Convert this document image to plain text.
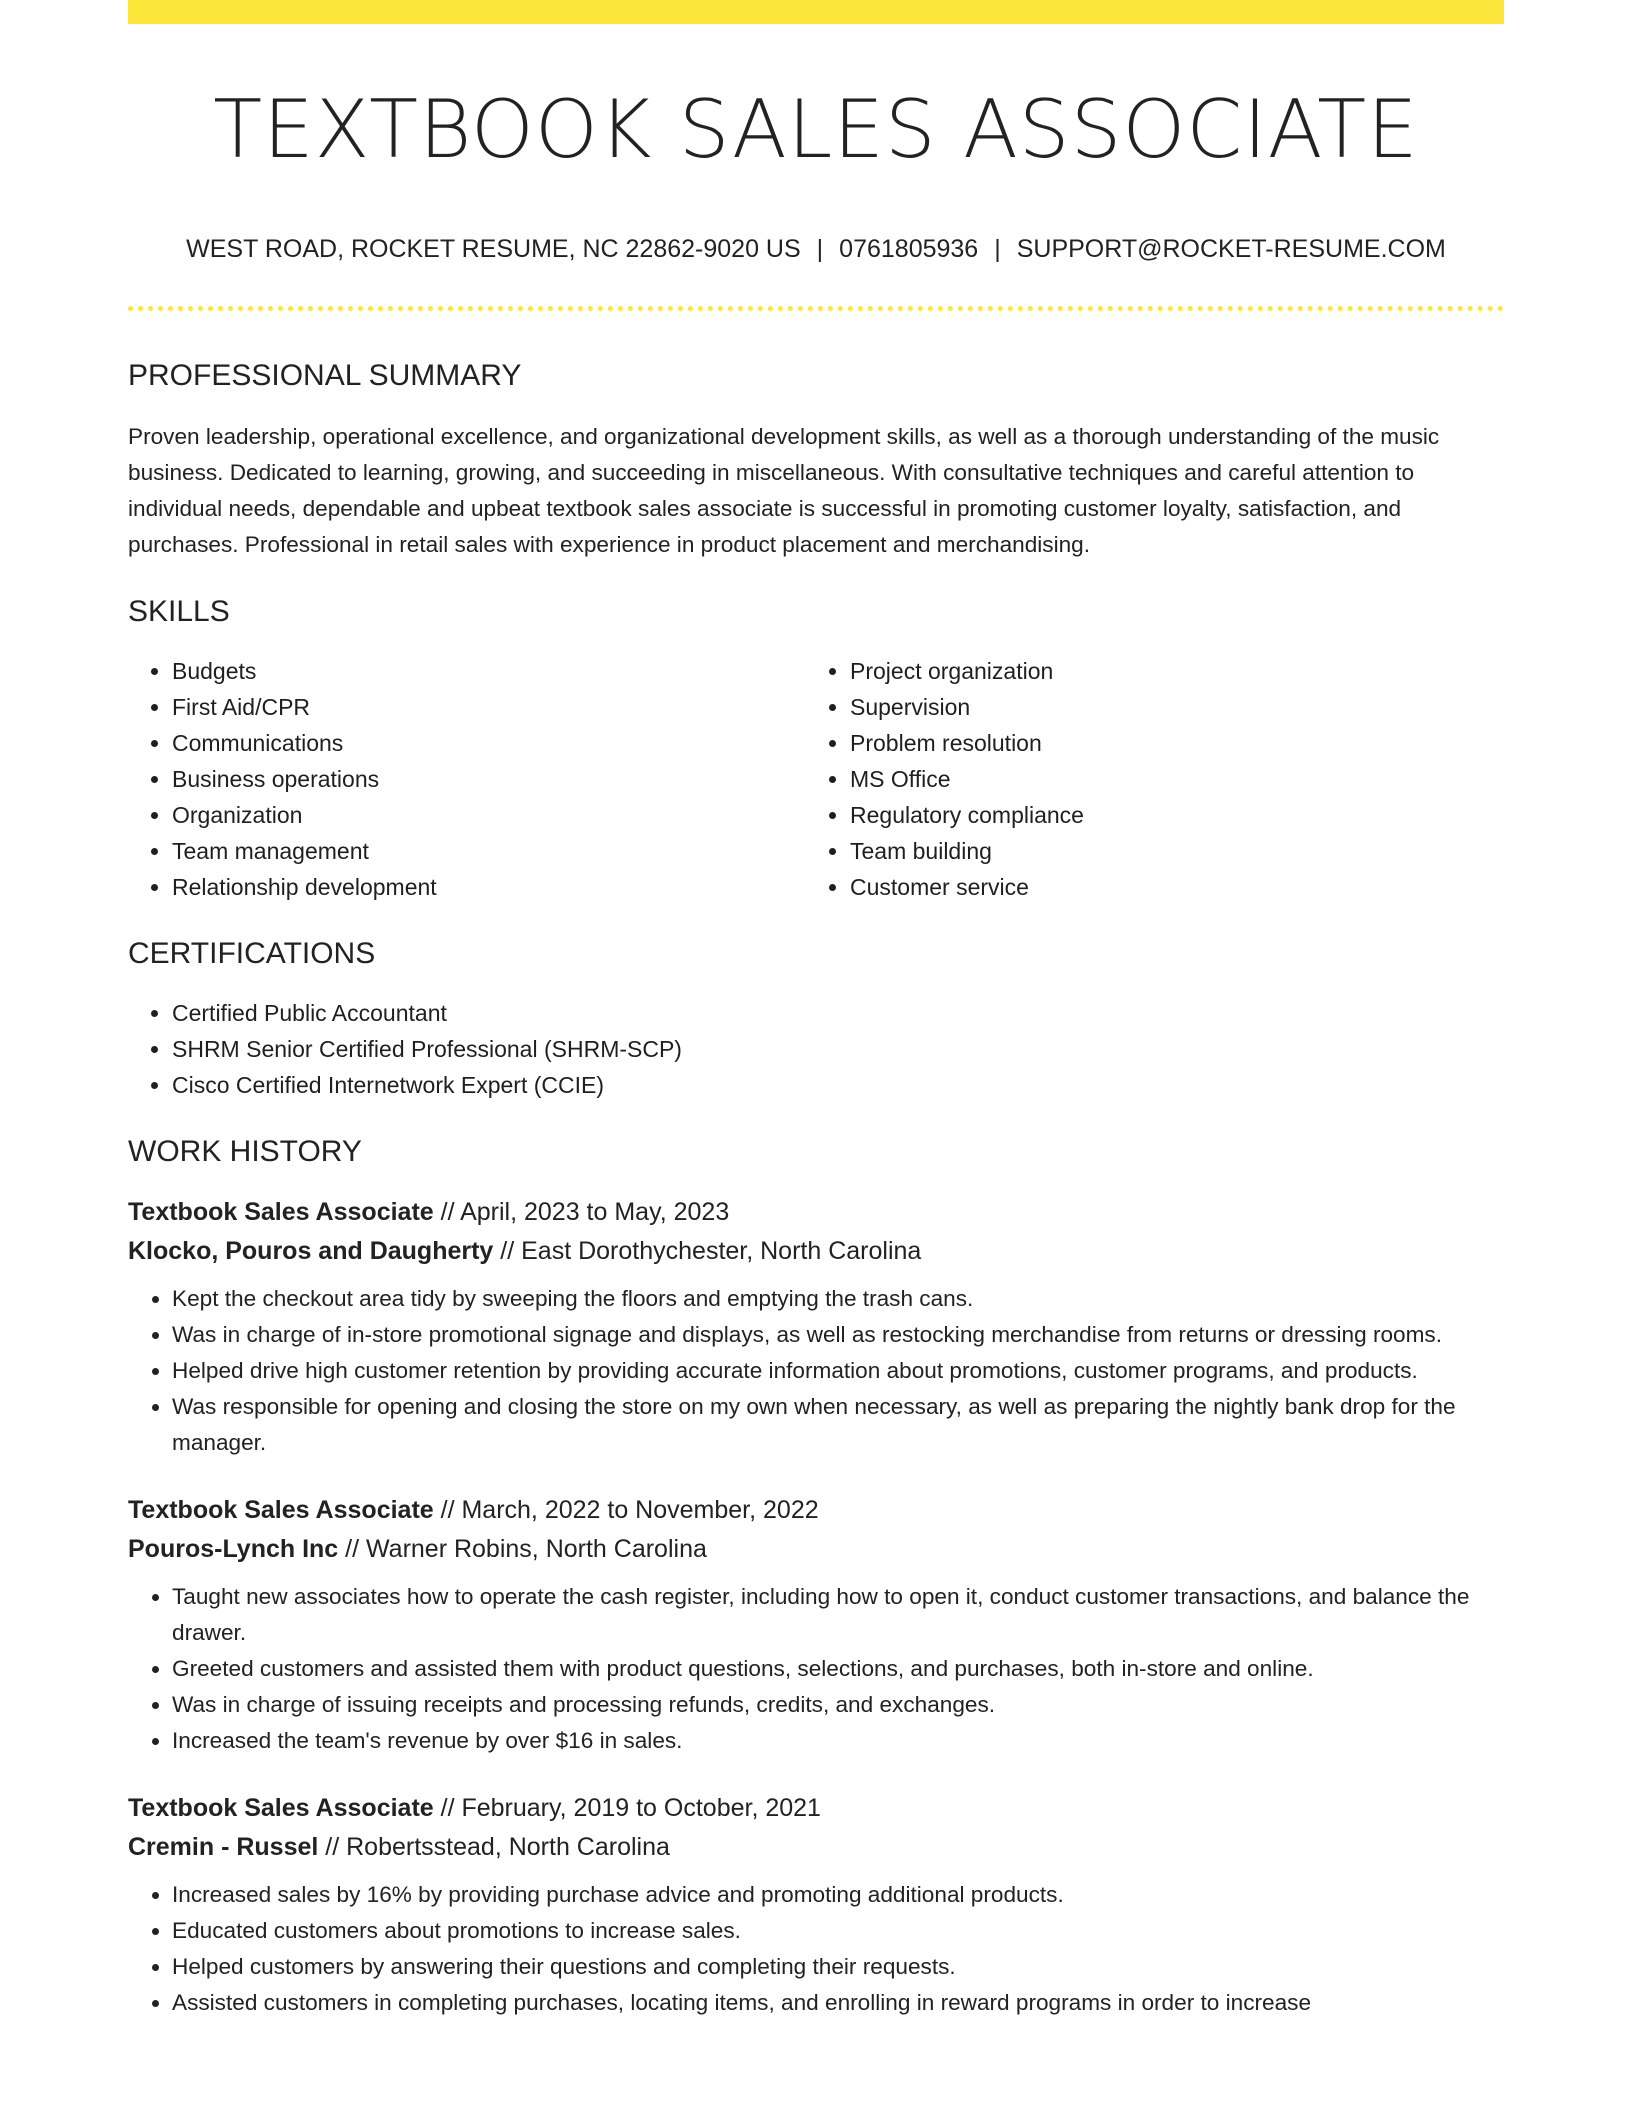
TEXTBOOK SALES ASSOCIATE
WEST ROAD, ROCKET RESUME, NC 22862-9020 US | 0761805936 | SUPPORT@ROCKET-RESUME.COM
PROFESSIONAL SUMMARY
Proven leadership, operational excellence, and organizational development skills, as well as a thorough understanding of the music business. Dedicated to learning, growing, and succeeding in miscellaneous. With consultative techniques and careful attention to individual needs, dependable and upbeat textbook sales associate is successful in promoting customer loyalty, satisfaction, and purchases. Professional in retail sales with experience in product placement and merchandising.
SKILLS
• Budgets
• First Aid/CPR
• Communications
• Business operations
• Organization
• Team management
• Relationship development
• Project organization
• Supervision
• Problem resolution
• MS Office
• Regulatory compliance
• Team building
• Customer service
CERTIFICATIONS
• Certified Public Accountant
• SHRM Senior Certified Professional (SHRM-SCP)
• Cisco Certified Internetwork Expert (CCIE)
WORK HISTORY
Textbook Sales Associate // April, 2023 to May, 2023
Klocko, Pouros and Daugherty // East Dorothychester, North Carolina
• Kept the checkout area tidy by sweeping the floors and emptying the trash cans.
• Was in charge of in-store promotional signage and displays, as well as restocking merchandise from returns or dressing rooms.
• Helped drive high customer retention by providing accurate information about promotions, customer programs, and products.
• Was responsible for opening and closing the store on my own when necessary, as well as preparing the nightly bank drop for the manager.
Textbook Sales Associate // March, 2022 to November, 2022
Pouros-Lynch Inc // Warner Robins, North Carolina
• Taught new associates how to operate the cash register, including how to open it, conduct customer transactions, and balance the drawer.
• Greeted customers and assisted them with product questions, selections, and purchases, both in-store and online.
• Was in charge of issuing receipts and processing refunds, credits, and exchanges.
• Increased the team's revenue by over $16 in sales.
Textbook Sales Associate // February, 2019 to October, 2021
Cremin - Russel // Robertsstead, North Carolina
• Increased sales by 16% by providing purchase advice and promoting additional products.
• Educated customers about promotions to increase sales.
• Helped customers by answering their questions and completing their requests.
• Assisted customers in completing purchases, locating items, and enrolling in reward programs in order to increase
